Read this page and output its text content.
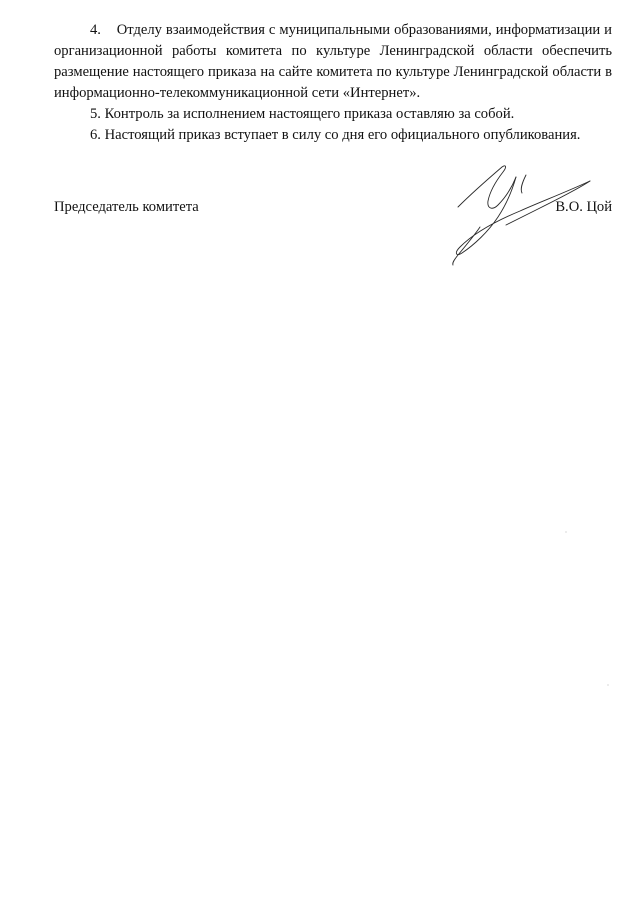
4. Отделу взаимодействия с муниципальными образованиями, информатизации и организационной работы комитета по культуре Ленинградской области обеспечить размещение настоящего приказа на сайте комитета по культуре Ленинградской области в информационно-телекоммуникационной сети «Интернет».

5. Контроль за исполнением настоящего приказа оставляю за собой.

6. Настоящий приказ вступает в силу со дня его официального опубликования.

Председатель комитета	В.О. Цой
